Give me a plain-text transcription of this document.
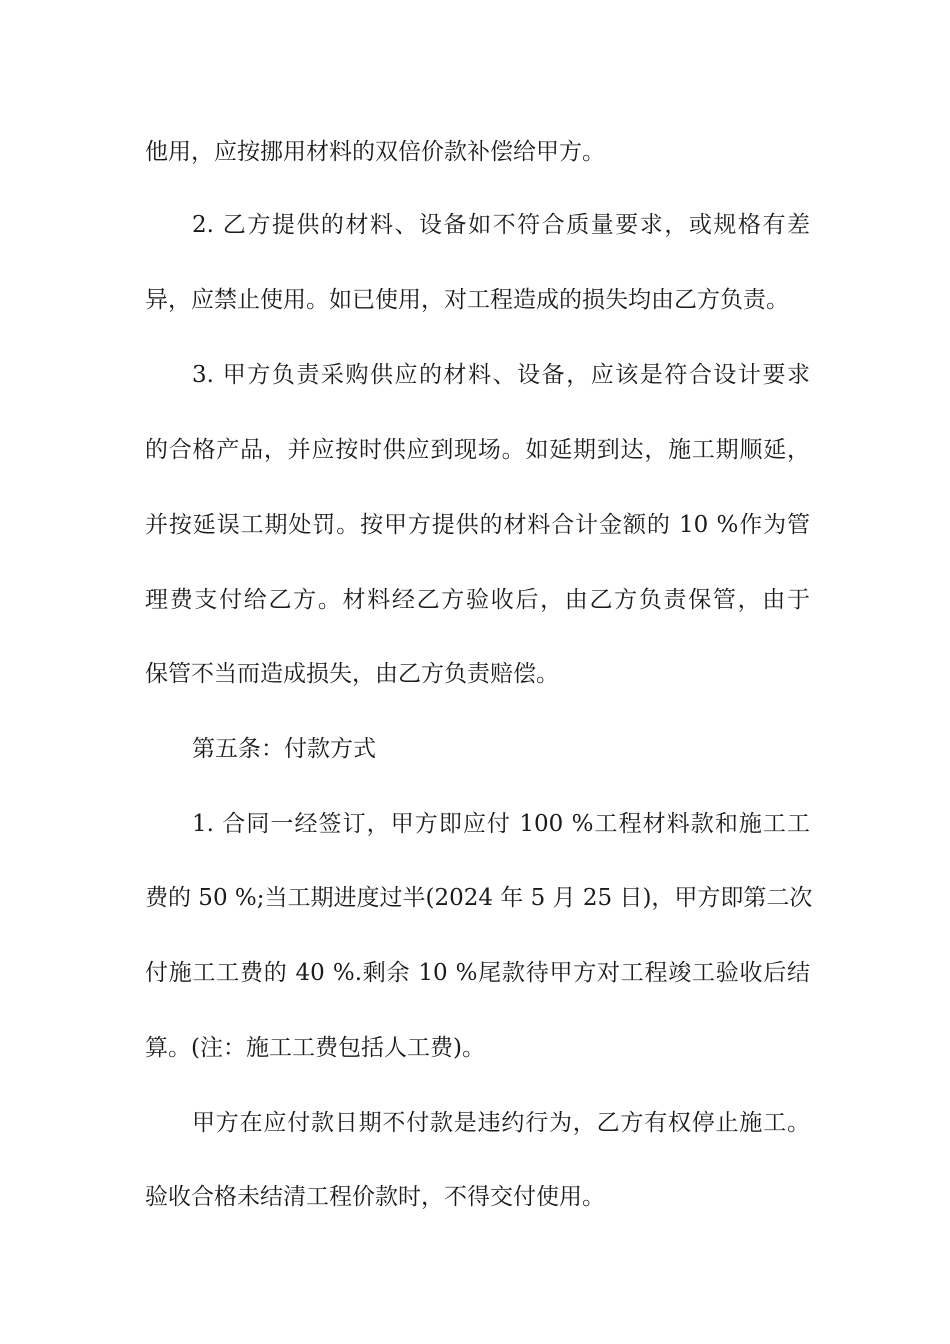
他用，应按挪用材料的双倍价款补偿给甲方。
2. 乙方提供的材料、设备如不符合质量要求，或规格有差
异，应禁止使用。如已使用，对工程造成的损失均由乙方负责。
3. 甲方负责采购供应的材料、设备，应该是符合设计要求
的合格产品，并应按时供应到现场。如延期到达，施工期顺延，
并按延误工期处罚。按甲方提供的材料合计金额的 10 %作为管
理费支付给乙方。材料经乙方验收后，由乙方负责保管，由于
保管不当而造成损失，由乙方负责赔偿。
第五条：付款方式
1. 合同一经签订，甲方即应付 100 %工程材料款和施工工
费的 50 %;当工期进度过半(2024 年 5 月 25 日)，甲方即第二次
付施工工费的 40 %.剩余 10 %尾款待甲方对工程竣工验收后结
算。(注：施工工费包括人工费)。
甲方在应付款日期不付款是违约行为，乙方有权停止施工。
验收合格未结清工程价款时，不得交付使用。
